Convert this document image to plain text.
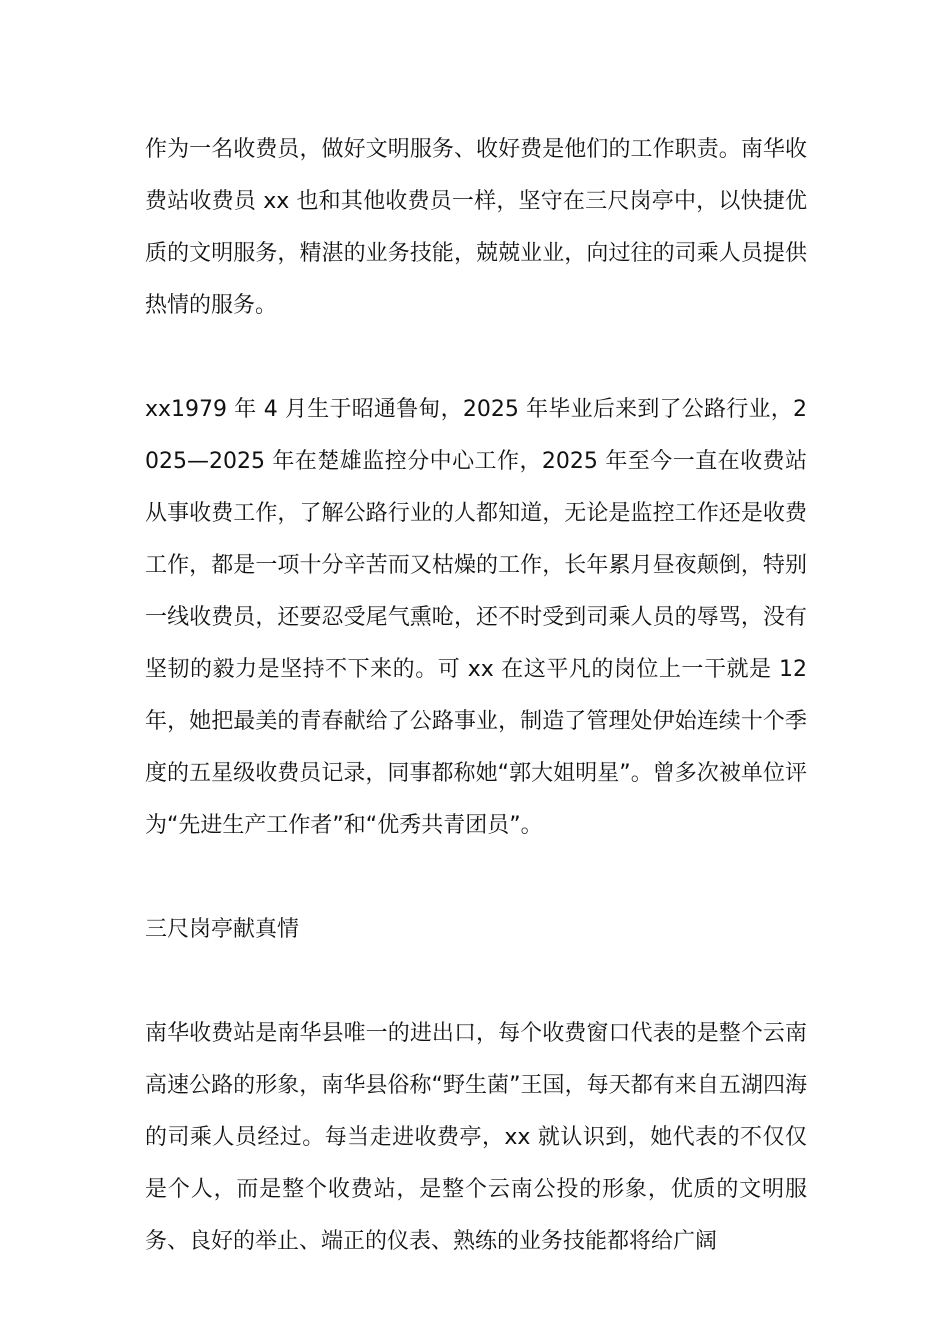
作为一名收费员，做好文明服务、收好费是他们的工作职责。南华收费站收费员 xx 也和其他收费员一样，坚守在三尺岗亭中，以快捷优质的文明服务，精湛的业务技能，兢兢业业，向过往的司乘人员提供热情的服务。

xx1979 年 4 月生于昭通鲁甸，2025 年毕业后来到了公路行业，2025—2025 年在楚雄监控分中心工作，2025 年至今一直在收费站从事收费工作，了解公路行业的人都知道，无论是监控工作还是收费工作，都是一项十分辛苦而又枯燥的工作，长年累月昼夜颠倒，特别一线收费员，还要忍受尾气熏呛，还不时受到司乘人员的辱骂，没有坚韧的毅力是坚持不下来的。可 xx 在这平凡的岗位上一干就是 12 年，她把最美的青春献给了公路事业，制造了管理处伊始连续十个季度的五星级收费员记录，同事都称她“郭大姐明星”。曾多次被单位评为“先进生产工作者”和“优秀共青团员”。

三尺岗亭献真情

南华收费站是南华县唯一的进出口，每个收费窗口代表的是整个云南高速公路的形象，南华县俗称“野生菌”王国，每天都有来自五湖四海的司乘人员经过。每当走进收费亭，xx 就认识到，她代表的不仅仅是个人，而是整个收费站，是整个云南公投的形象，优质的文明服务、良好的举止、端正的仪表、熟练的业务技能都将给广阔
